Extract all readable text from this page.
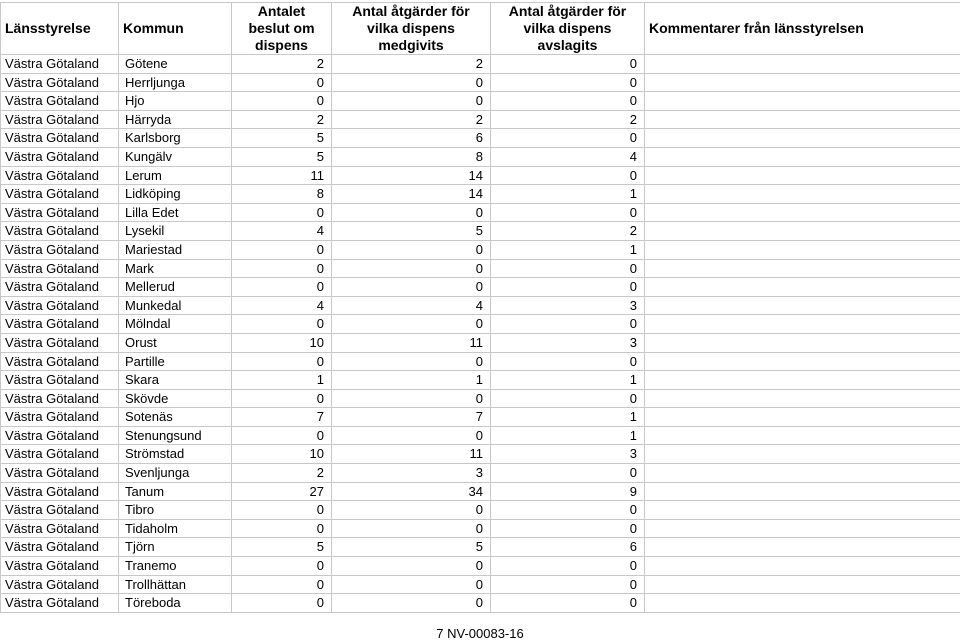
Länsstyrelse	Kommun	Antalet beslut om dispens	Antal åtgärder för vilka dispens medgivits	Antal åtgärder för vilka dispens avslagits	Kommentarer från länsstyrelsen
Västra Götaland	Götene	2	2	0	
Västra Götaland	Herrljunga	0	0	0	
Västra Götaland	Hjo	0	0	0	
Västra Götaland	Härryda	2	2	2	
Västra Götaland	Karlsborg	5	6	0	
Västra Götaland	Kungälv	5	8	4	
Västra Götaland	Lerum	11	14	0	
Västra Götaland	Lidköping	8	14	1	
Västra Götaland	Lilla Edet	0	0	0	
Västra Götaland	Lysekil	4	5	2	
Västra Götaland	Mariestad	0	0	1	
Västra Götaland	Mark	0	0	0	
Västra Götaland	Mellerud	0	0	0	
Västra Götaland	Munkedal	4	4	3	
Västra Götaland	Mölndal	0	0	0	
Västra Götaland	Orust	10	11	3	
Västra Götaland	Partille	0	0	0	
Västra Götaland	Skara	1	1	1	
Västra Götaland	Skövde	0	0	0	
Västra Götaland	Sotenäs	7	7	1	
Västra Götaland	Stenungsund	0	0	1	
Västra Götaland	Strömstad	10	11	3	
Västra Götaland	Svenljunga	2	3	0	
Västra Götaland	Tanum	27	34	9	
Västra Götaland	Tibro	0	0	0	
Västra Götaland	Tidaholm	0	0	0	
Västra Götaland	Tjörn	5	5	6	
Västra Götaland	Tranemo	0	0	0	
Västra Götaland	Trollhättan	0	0	0	
Västra Götaland	Töreboda	0	0	0	
7 NV-00083-16
